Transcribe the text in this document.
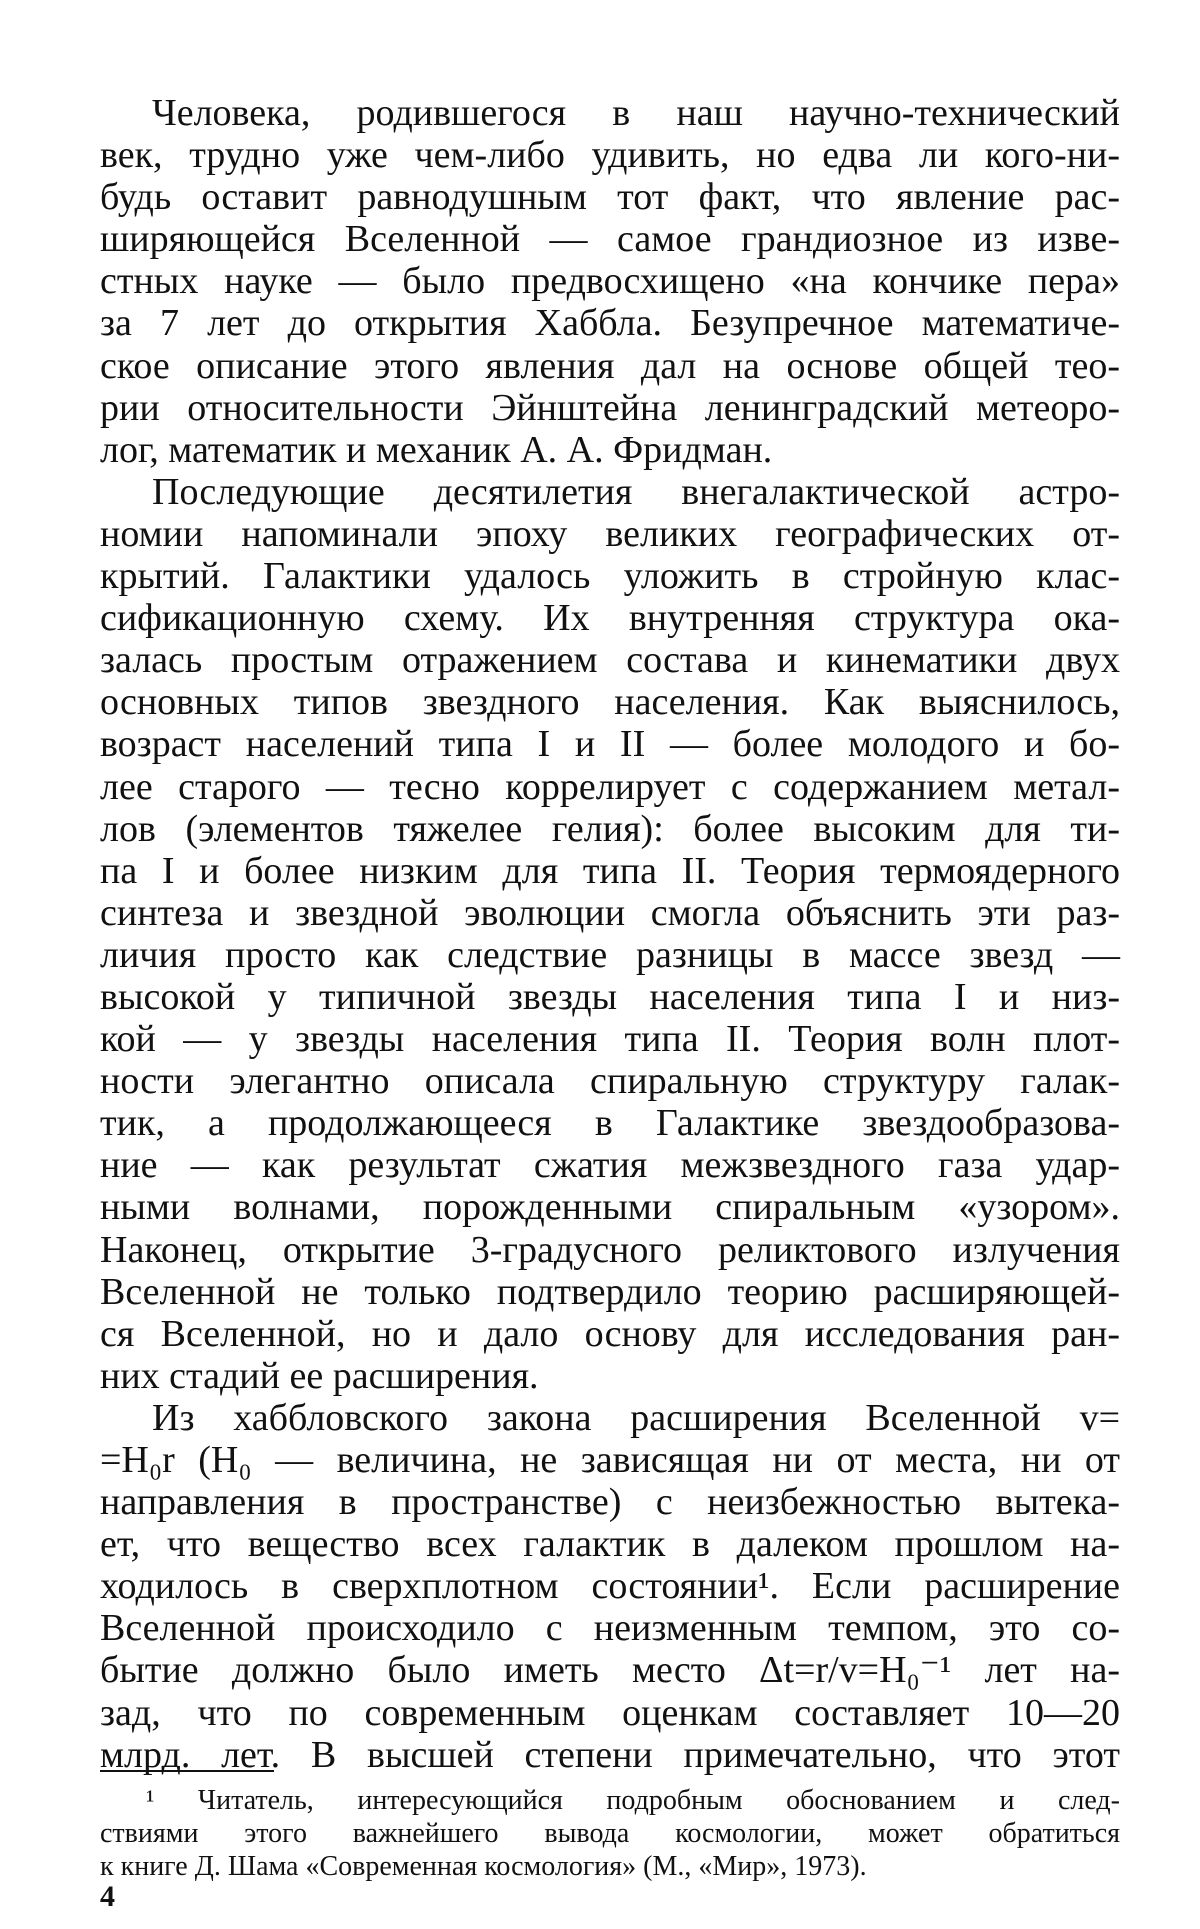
Человека, родившегося в наш научно-технический
век, трудно уже чем-либо удивить, но едва ли кого-ни-
будь оставит равнодушным тот факт, что явление рас-
ширяющейся Вселенной — самое грандиозное из изве-
стных науке — было предвосхищено «на кончике пера»
за 7 лет до открытия Хаббла. Безупречное математиче-
ское описание этого явления дал на основе общей тео-
рии относительности Эйнштейна ленинградский метеоро-
лог, математик и механик А. А. Фридман.
Последующие десятилетия внегалактической астро-
номии напоминали эпоху великих географических от-
крытий. Галактики удалось уложить в стройную клас-
сификационную схему. Их внутренняя структура ока-
залась простым отражением состава и кинематики двух
основных типов звездного населения. Как выяснилось,
возраст населений типа I и II — более молодого и бо-
лее старого — тесно коррелирует с содержанием метал-
лов (элементов тяжелее гелия): более высоким для ти-
па I и более низким для типа II. Теория термоядерного
синтеза и звездной эволюции смогла объяснить эти раз-
личия просто как следствие разницы в массе звезд —
высокой у типичной звезды населения типа I и низ-
кой — у звезды населения типа II. Теория волн плот-
ности элегантно описала спиральную структуру галак-
тик, а продолжающееся в Галактике звездообразова-
ние — как результат сжатия межзвездного газа удар-
ными волнами, порожденными спиральным «узором».
Наконец, открытие 3-градусного реликтового излучения
Вселенной не только подтвердило теорию расширяющей-
ся Вселенной, но и дало основу для исследования ран-
них стадий ее расширения.
Из хаббловского закона расширения Вселенной v=
=H₀r (H₀ — величина, не зависящая ни от места, ни от
направления в пространстве) с неизбежностью вытека-
ет, что вещество всех галактик в далеком прошлом на-
ходилось в сверхплотном состоянии¹. Если расширение
Вселенной происходило с неизменным темпом, это со-
бытие должно было иметь место Δt=r/v=H₀⁻¹ лет на-
зад, что по современным оценкам составляет 10—20
млрд. лет. В высшей степени примечательно, что этот
¹ Читатель, интересующийся подробным обоснованием и след-
ствиями этого важнейшего вывода космологии, может обратиться
к книге Д. Шама «Современная космология» (М., «Мир», 1973).
4
